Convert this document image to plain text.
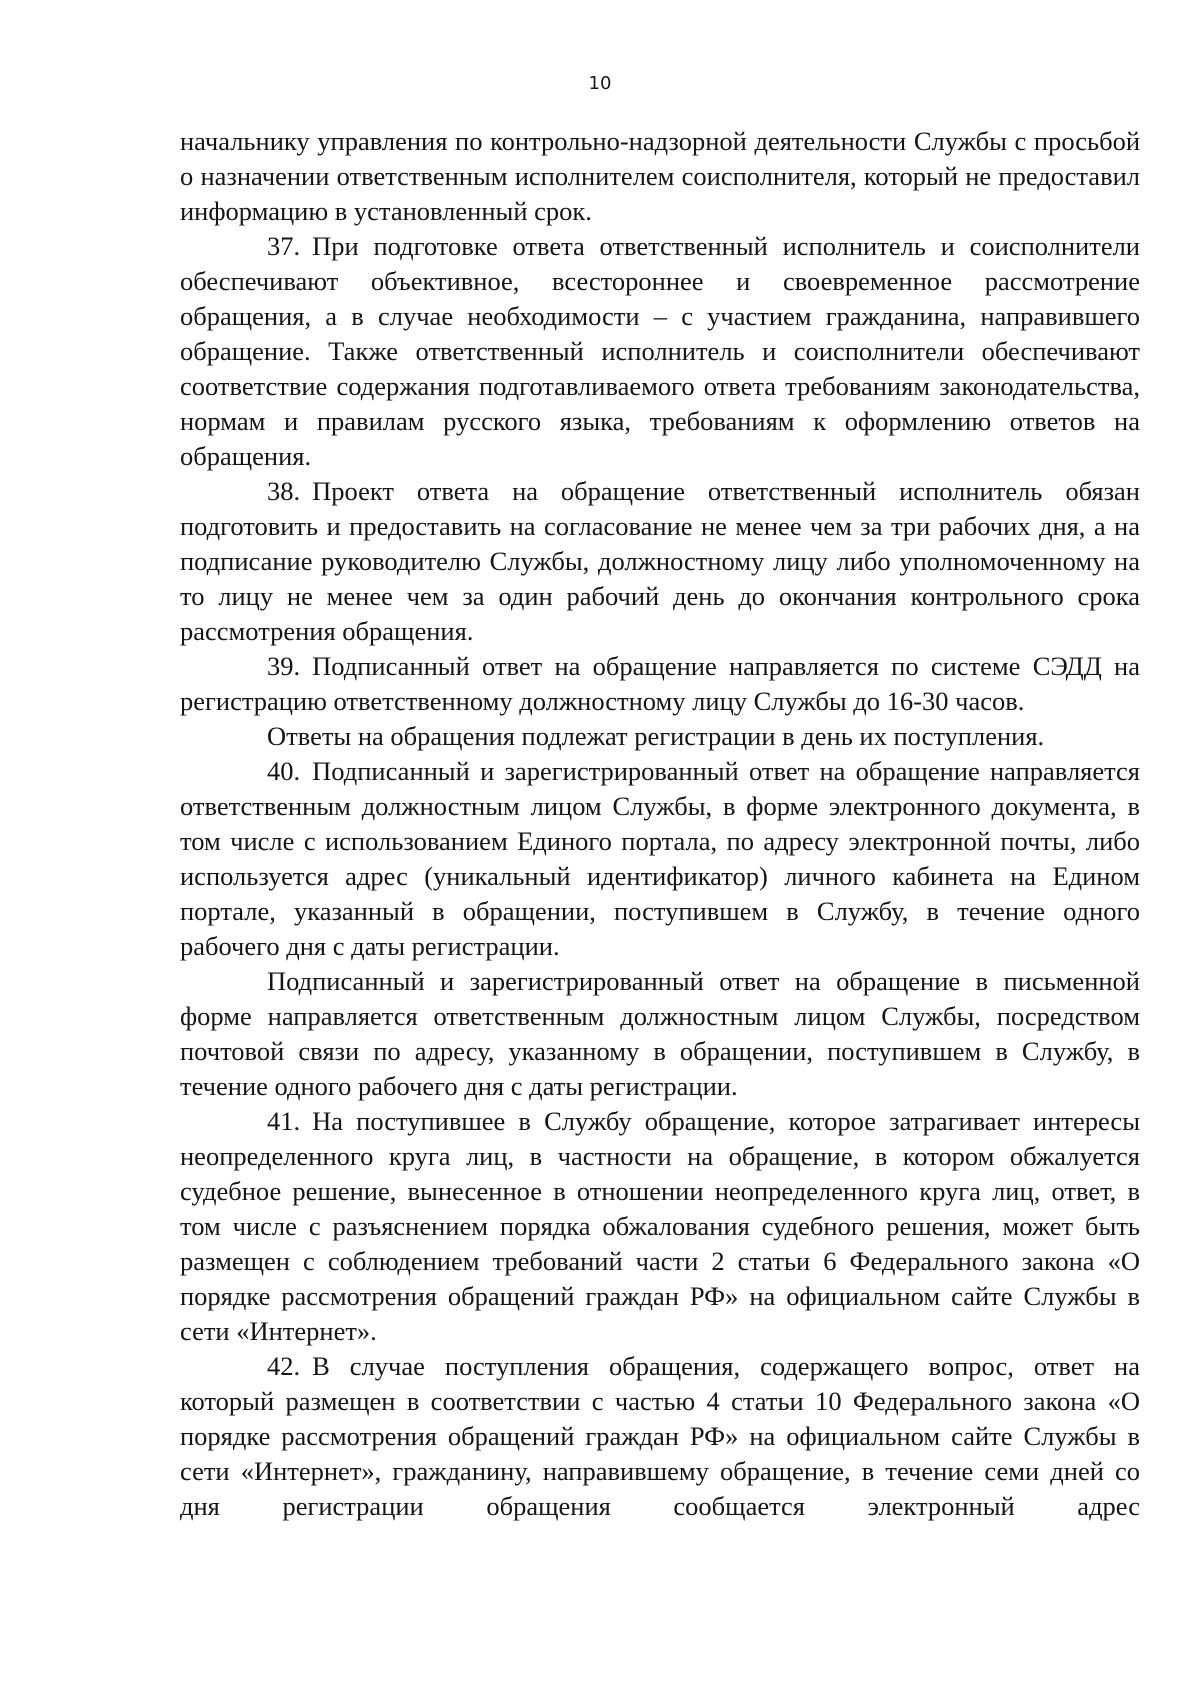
10

начальнику управления по контрольно-надзорной деятельности Службы с просьбой о назначении ответственным исполнителем соисполнителя, который не предоставил информацию в установленный срок.

37. При подготовке ответа ответственный исполнитель и соисполнители обеспечивают объективное, всестороннее и своевременное рассмотрение обращения, а в случае необходимости – с участием гражданина, направившего обращение. Также ответственный исполнитель и соисполнители обеспечивают соответствие содержания подготавливаемого ответа требованиям законодательства, нормам и правилам русского языка, требованиям к оформлению ответов на обращения.

38. Проект ответа на обращение ответственный исполнитель обязан подготовить и предоставить на согласование не менее чем за три рабочих дня, а на подписание руководителю Службы, должностному лицу либо уполномоченному на то лицу не менее чем за один рабочий день до окончания контрольного срока рассмотрения обращения.

39. Подписанный ответ на обращение направляется по системе СЭДД на регистрацию ответственному должностному лицу Службы до 16-30 часов.

Ответы на обращения подлежат регистрации в день их поступления.

40. Подписанный и зарегистрированный ответ на обращение направляется ответственным должностным лицом Службы, в форме электронного документа, в том числе с использованием Единого портала, по адресу электронной почты, либо используется адрес (уникальный идентификатор) личного кабинета на Едином портале, указанный в обращении, поступившем в Службу, в течение одного рабочего дня с даты регистрации.

Подписанный и зарегистрированный ответ на обращение в письменной форме направляется ответственным должностным лицом Службы, посредством почтовой связи по адресу, указанному в обращении, поступившем в Службу, в течение одного рабочего дня с даты регистрации.

41. На поступившее в Службу обращение, которое затрагивает интересы неопределенного круга лиц, в частности на обращение, в котором обжалуется судебное решение, вынесенное в отношении неопределенного круга лиц, ответ, в том числе с разъяснением порядка обжалования судебного решения, может быть размещен с соблюдением требований части 2 статьи 6 Федерального закона «О порядке рассмотрения обращений граждан РФ» на официальном сайте Службы в сети «Интернет».

42. В случае поступления обращения, содержащего вопрос, ответ на который размещен в соответствии с частью 4 статьи 10 Федерального закона «О порядке рассмотрения обращений граждан РФ» на официальном сайте Службы в сети «Интернет», гражданину, направившему обращение, в течение семи дней со дня регистрации обращения сообщается электронный адрес
